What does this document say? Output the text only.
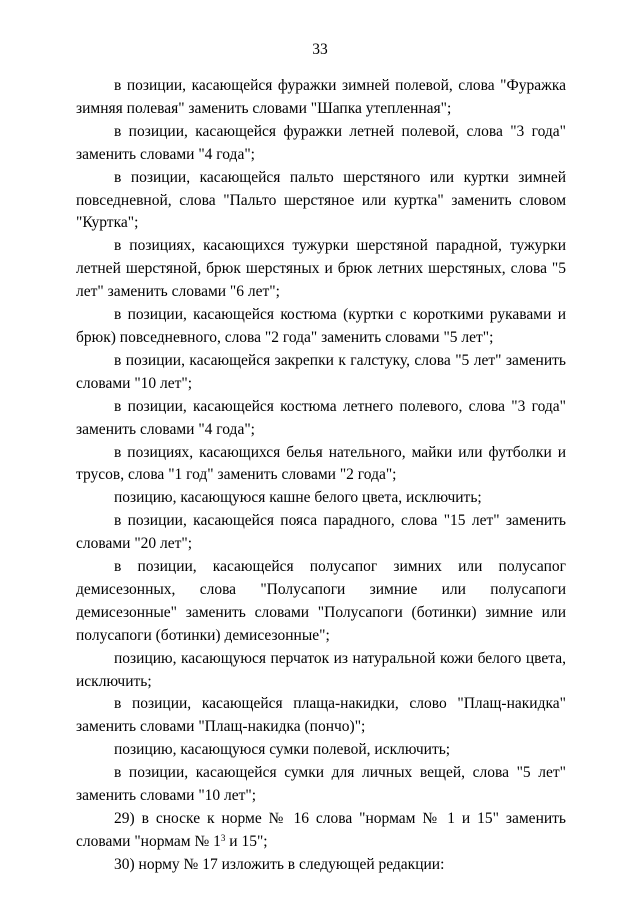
33

в позиции, касающейся фуражки зимней полевой, слова "Фуражка зимняя полевая" заменить словами "Шапка утепленная";

в позиции, касающейся фуражки летней полевой, слова "3 года" заменить словами "4 года";

в позиции, касающейся пальто шерстяного или куртки зимней повседневной, слова "Пальто шерстяное или куртка" заменить словом "Куртка";

в позициях, касающихся тужурки шерстяной парадной, тужурки летней шерстяной, брюк шерстяных и брюк летних шерстяных, слова "5 лет" заменить словами "6 лет";

в позиции, касающейся костюма (куртки с короткими рукавами и брюк) повседневного, слова "2 года" заменить словами "5 лет";

в позиции, касающейся закрепки к галстуку, слова "5 лет" заменить словами "10 лет";

в позиции, касающейся костюма летнего полевого, слова "3 года" заменить словами "4 года";

в позициях, касающихся белья нательного, майки или футболки и трусов, слова "1 год" заменить словами "2 года";

позицию, касающуюся кашне белого цвета, исключить;

в позиции, касающейся пояса парадного, слова "15 лет" заменить словами "20 лет";

в позиции, касающейся полусапог зимних или полусапог демисезонных, слова "Полусапоги зимние или полусапоги демисезонные" заменить словами "Полусапоги (ботинки) зимние или полусапоги (ботинки) демисезонные";

позицию, касающуюся перчаток из натуральной кожи белого цвета, исключить;

в позиции, касающейся плаща-накидки, слово "Плащ-накидка" заменить словами "Плащ-накидка (пончо)";

позицию, касающуюся сумки полевой, исключить;

в позиции, касающейся сумки для личных вещей, слова "5 лет" заменить словами "10 лет";

29) в сноске к норме № 16 слова "нормам № 1 и 15" заменить словами "нормам № $1^3$ и 15";

30) норму № 17 изложить в следующей редакции:
